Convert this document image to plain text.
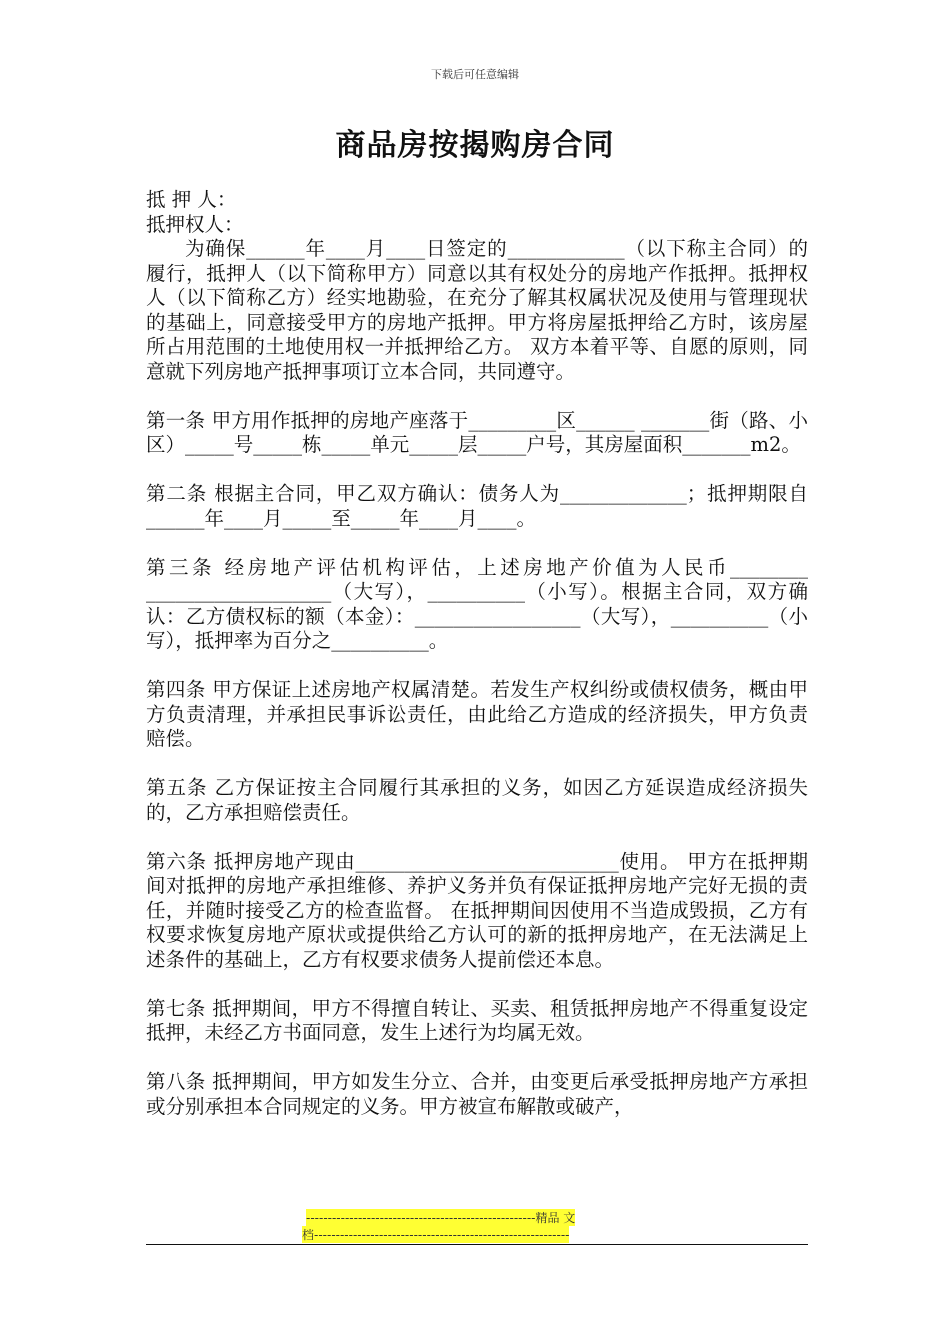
下载后可任意编辑
商品房按揭购房合同

抵 押 人：

抵押权人：

为确保______年____月____日签定的____________（以下称主合同）的履行，抵押人（以下简称甲方）同意以其有权处分的房地产作抵押。抵押权人（以下简称乙方）经实地勘验，在充分了解其权属状况及使用与管理现状的基础上，同意接受甲方的房地产抵押。甲方将房屋抵押给乙方时，该房屋所占用范围的土地使用权一并抵押给乙方。 双方本着平等、自愿的原则，同意就下列房地产抵押事项订立本合同，共同遵守。

第一条 甲方用作抵押的房地产座落于_________区______ _______街（路、小区）_____号_____栋_____单元_____层_____户号，其房屋面积_______m2。

第二条 根据主合同，甲乙双方确认：债务人为_____________；抵押期限自______年____月_____至_____年____月____。

第三条 经房地产评估机构评估，上述房地产价值为人民币________ ___________________（大写），__________（小写）。根据主合同，双方确认：乙方债权标的额（本金）：_________________（大写），__________（小写），抵押率为百分之__________。

第四条 甲方保证上述房地产权属清楚。若发生产权纠纷或债权债务，概由甲方负责清理，并承担民事诉讼责任，由此给乙方造成的经济损失，甲方负责赔偿。

第五条 乙方保证按主合同履行其承担的义务，如因乙方延误造成经济损失的，乙方承担赔偿责任。

第六条 抵押房地产现由___________________________使用。 甲方在抵押期间对抵押的房地产承担维修、养护义务并负有保证抵押房地产完好无损的责任，并随时接受乙方的检查监督。 在抵押期间因使用不当造成毁损，乙方有权要求恢复房地产原状或提供给乙方认可的新的抵押房地产，在无法满足上述条件的基础上，乙方有权要求债务人提前偿还本息。

第七条 抵押期间，甲方不得擅自转让、买卖、租赁抵押房地产不得重复设定抵押，未经乙方书面同意，发生上述行为均属无效。

第八条 抵押期间，甲方如发生分立、合并，由变更后承受抵押房地产方承担或分别承担本合同规定的义务。甲方被宣布解散或破产，

-----------------------------------------------------精品 文
档-----------------------------------------------------------
